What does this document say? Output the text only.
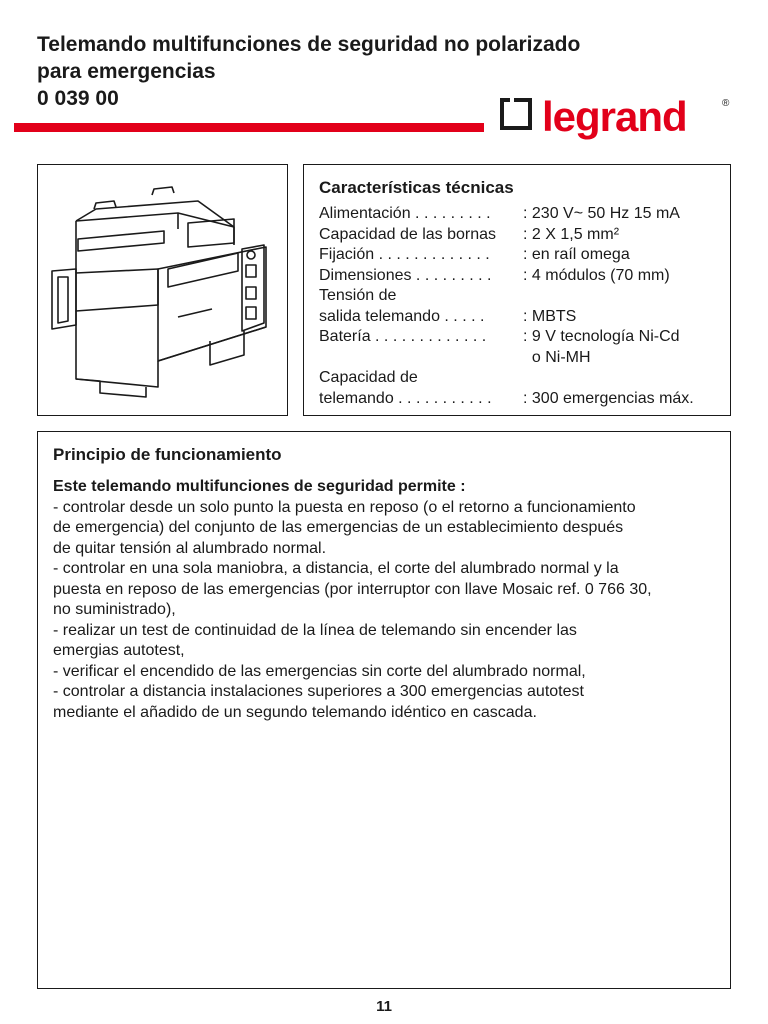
Telemando multifunciones de seguridad no polarizado
para emergencias
0 039 00	legrand	®
Características técnicas
Alimentación . . . . . . . . . : 230 V~ 50 Hz 15 mA
Capacidad de las bornas : 2 X 1,5 mm²
Fijación . . . . . . . . . . . . . : en raíl omega
Dimensiones . . . . . . . . . : 4 módulos (70 mm)
Tensión de
salida telemando . . . . . : MBTS
Batería . . . . . . . . . . . . . : 9 V tecnología Ni-Cd
o Ni-MH
Capacidad de
telemando . . . . . . . . . . . : 300 emergencias máx.
Principio de funcionamiento
Este telemando multifunciones de seguridad permite :
- controlar desde un solo punto la puesta en reposo (o el retorno a funcionamiento
de emergencia) del conjunto de las emergencias de un establecimiento después
de quitar tensión al alumbrado normal.
- controlar en una sola maniobra, a distancia, el corte del alumbrado normal y la
puesta en reposo de las emergencias (por interruptor con llave Mosaic ref. 0 766 30,
no suministrado),
- realizar un test de continuidad de la línea de telemando sin encender las
emergias autotest,
- verificar el encendido de las emergencias sin corte del alumbrado normal,
- controlar a distancia instalaciones superiores a 300 emergencias autotest
mediante el añadido de un segundo telemando idéntico en cascada.
11
